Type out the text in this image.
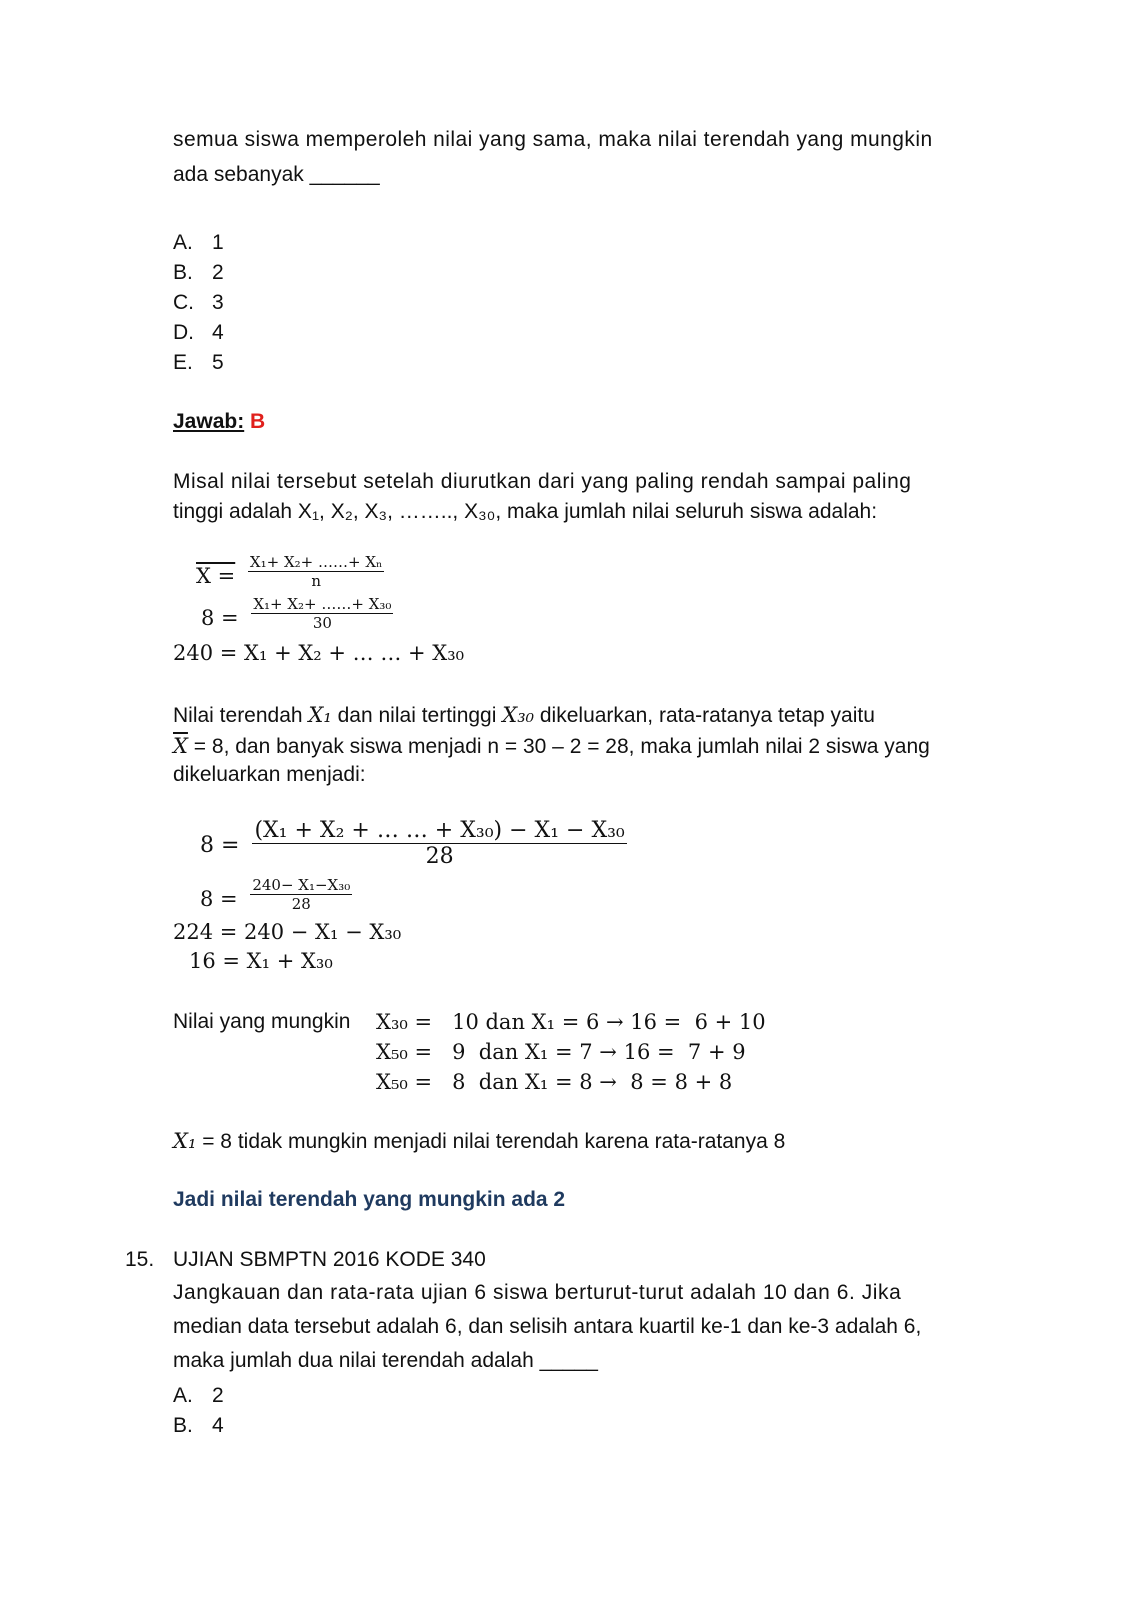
semua siswa memperoleh nilai yang sama, maka nilai terendah yang mungkin
ada sebanyak ______
A. 1
B. 2
C. 3
D. 4
E. 5
Jawab: B
Misal nilai tersebut setelah diurutkan dari yang paling rendah sampai paling
tinggi adalah X₁, X₂, X₃, …….., X₃₀, maka jumlah nilai seluruh siswa adalah:
$X = \frac{\text{X₁+ X₂+ ……+ Xₙ}}{n}$
$8 = \frac{\text{X₁+ X₂+ ……+ X₃₀}}{30}$
240 = X₁ + X₂ + … … + X₃₀
Nilai terendah X₁ dan nilai tertinggi X₃₀ dikeluarkan, rata-ratanya tetap yaitu
$\overline{X} = 8$, dan banyak siswa menjadi n = 30 – 2 = 28, maka jumlah nilai 2 siswa yang
dikeluarkan menjadi:
$8 = \frac{\text{(X₁ + X₂ + … … + X₃₀) − X₁ − X₃₀}}{28}$
$8 = \frac{\text{240− X₁−X₃₀}}{28}$
224 = 240 − X₁ − X₃₀
16 = X₁ + X₃₀
Nilai yang mungkin X₃₀ =   10 dan X₁ = 6 → 16 =  6 + 10
X₅₀ =   9  dan X₁ = 7 → 16 =  7 + 9
X₅₀ =   8  dan X₁ = 8 →  8 = 8 + 8
X₁ = 8 tidak mungkin menjadi nilai terendah karena rata-ratanya 8
Jadi nilai terendah yang mungkin ada 2
15. UJIAN SBMPTN 2016 KODE 340
Jangkauan dan rata-rata ujian 6 siswa berturut-turut adalah 10 dan 6. Jika
median data tersebut adalah 6, dan selisih antara kuartil ke-1 dan ke-3 adalah 6,
maka jumlah dua nilai terendah adalah _____
A. 2
B. 4
